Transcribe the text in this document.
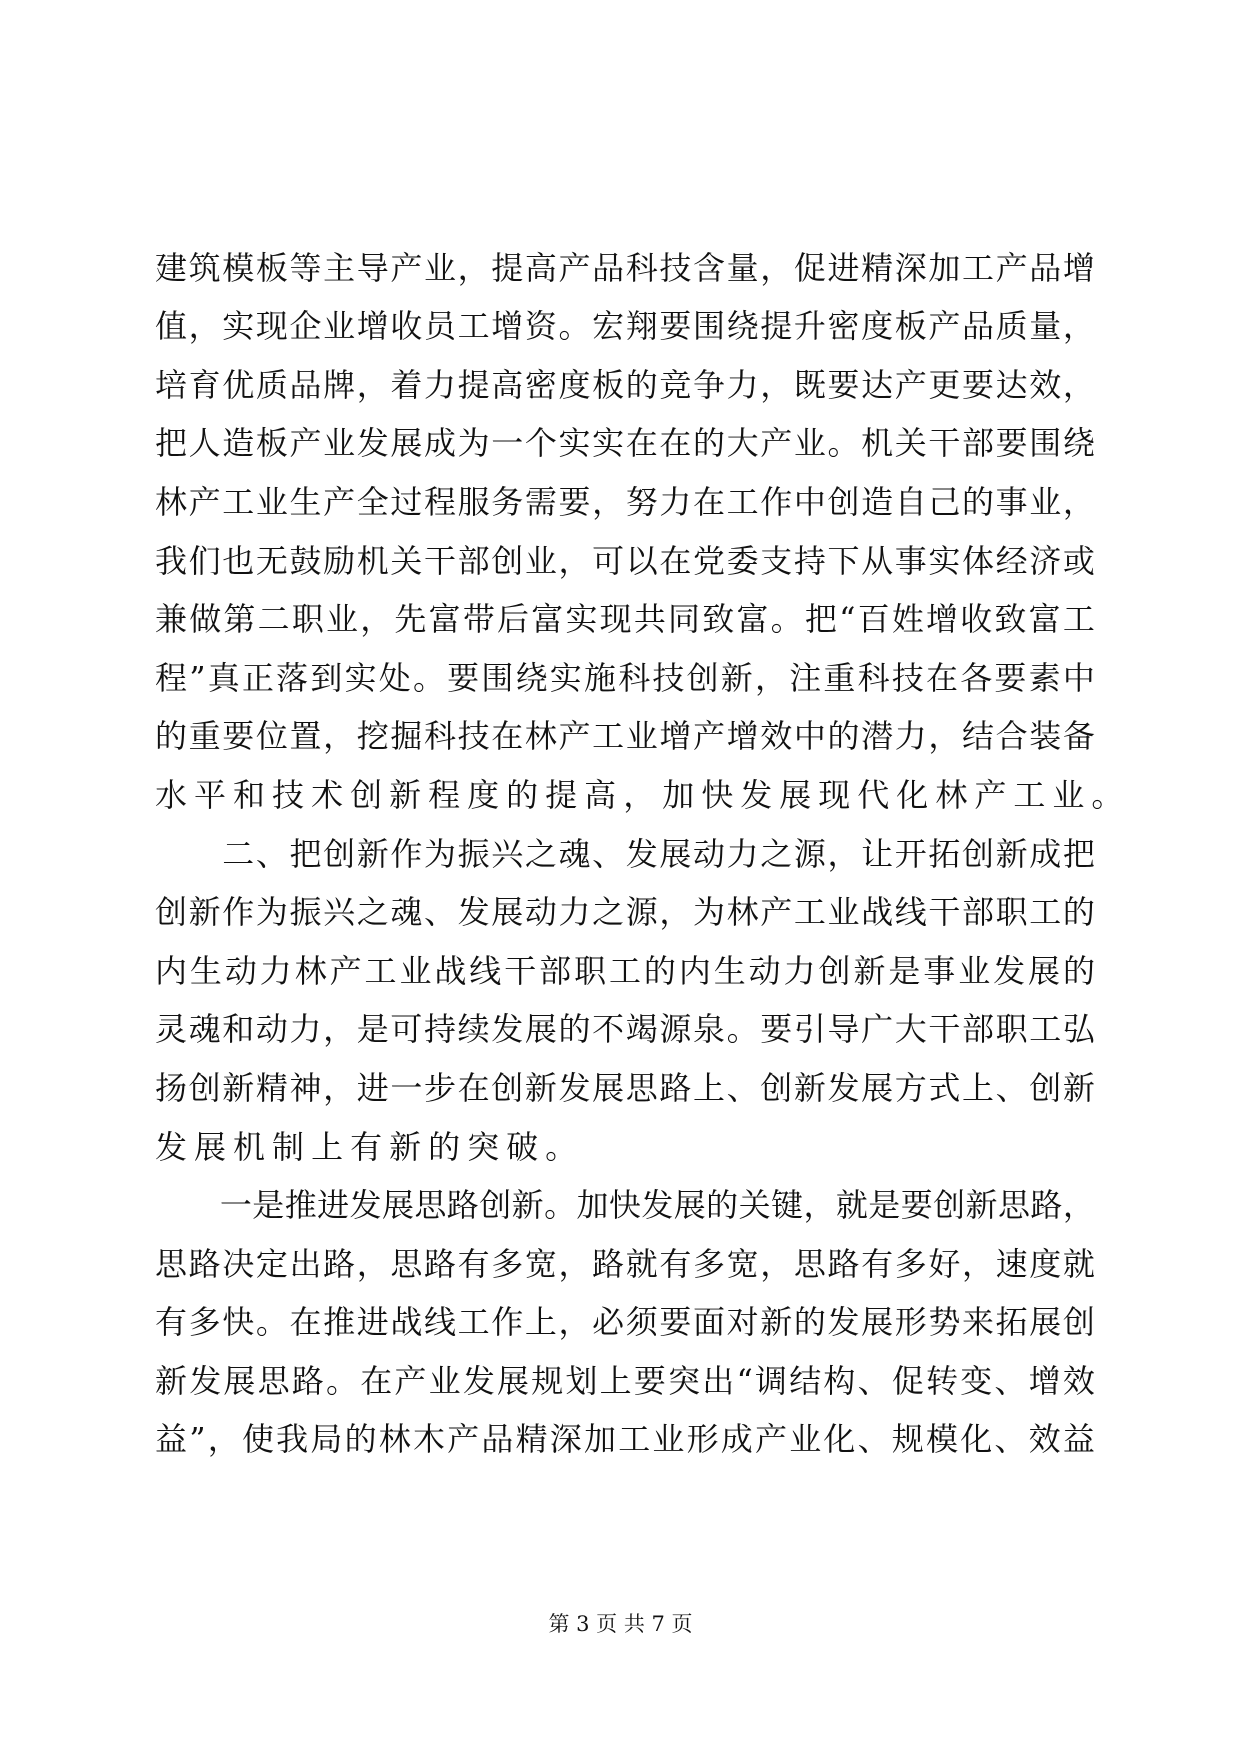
建 筑 模 板 等 主 导 产 业 ， 提 高 产 品 科 技 含 量 ， 促 进 精 深 加 工 产 品 增
值 ， 实 现 企 业 增 收 员 工 增 资 。 宏 翔 要 围 绕 提 升 密 度 板 产 品 质 量 ，
培 育 优 质 品 牌 ， 着 力 提 高 密 度 板 的 竞 争 力 ， 既 要 达 产 更 要 达 效 ，
把 人 造 板 产 业 发 展 成 为 一 个 实 实 在 在 的 大 产 业 。 机 关 干 部 要 围 绕
林 产 工 业 生 产 全 过 程 服 务 需 要 ， 努 力 在 工 作 中 创 造 自 己 的 事 业 ，
我 们 也 无 鼓 励 机 关 干 部 创 业 ， 可 以 在 党 委 支 持 下 从 事 实 体 经 济 或
兼 做 第 二 职 业 ， 先 富 带 后 富 实 现 共 同 致 富 。 把 “ 百 姓 增 收 致 富 工
程 ” 真 正 落 到 实 处 。 要 围 绕 实 施 科 技 创 新 ， 注 重 科 技 在 各 要 素 中
的 重 要 位 置 ， 挖 掘 科 技 在 林 产 工 业 增 产 增 效 中 的 潜 力 ， 结 合 装 备
水 平 和 技 术 创 新 程 度 的 提 高 ， 加 快 发 展 现 代 化 林 产 工 业 。

二 、 把 创 新 作 为 振 兴 之 魂 、 发 展 动 力 之 源 ， 让 开 拓 创 新 成 把
创 新 作 为 振 兴 之 魂 、 发 展 动 力 之 源 ， 为 林 产 工 业 战 线 干 部 职 工 的
内 生 动 力 林 产 工 业 战 线 干 部 职 工 的 内 生 动 力 创 新 是 事 业 发 展 的
灵 魂 和 动 力 ， 是 可 持 续 发 展 的 不 竭 源 泉 。 要 引 导 广 大 干 部 职 工 弘
扬 创 新 精 神 ， 进 一 步 在 创 新 发 展 思 路 上 、 创 新 发 展 方 式 上 、 创 新
发 展 机 制 上 有 新 的 突 破 。

一 是 推 进 发 展 思 路 创 新 。 加 快 发 展 的 关 键 ， 就 是 要 创 新 思 路 ，
思 路 决 定 出 路 ， 思 路 有 多 宽 ， 路 就 有 多 宽 ， 思 路 有 多 好 ， 速 度 就
有 多 快 。 在 推 进 战 线 工 作 上 ， 必 须 要 面 对 新 的 发 展 形 势 来 拓 展 创
新 发 展 思 路 。 在 产 业 发 展 规 划 上 要 突 出 “ 调 结 构 、 促 转 变 、 增 效
益 ” ， 使 我 局 的 林 木 产 品 精 深 加 工 业 形 成 产 业 化 、 规 模 化 、 效 益
第 3 页 共 7 页
